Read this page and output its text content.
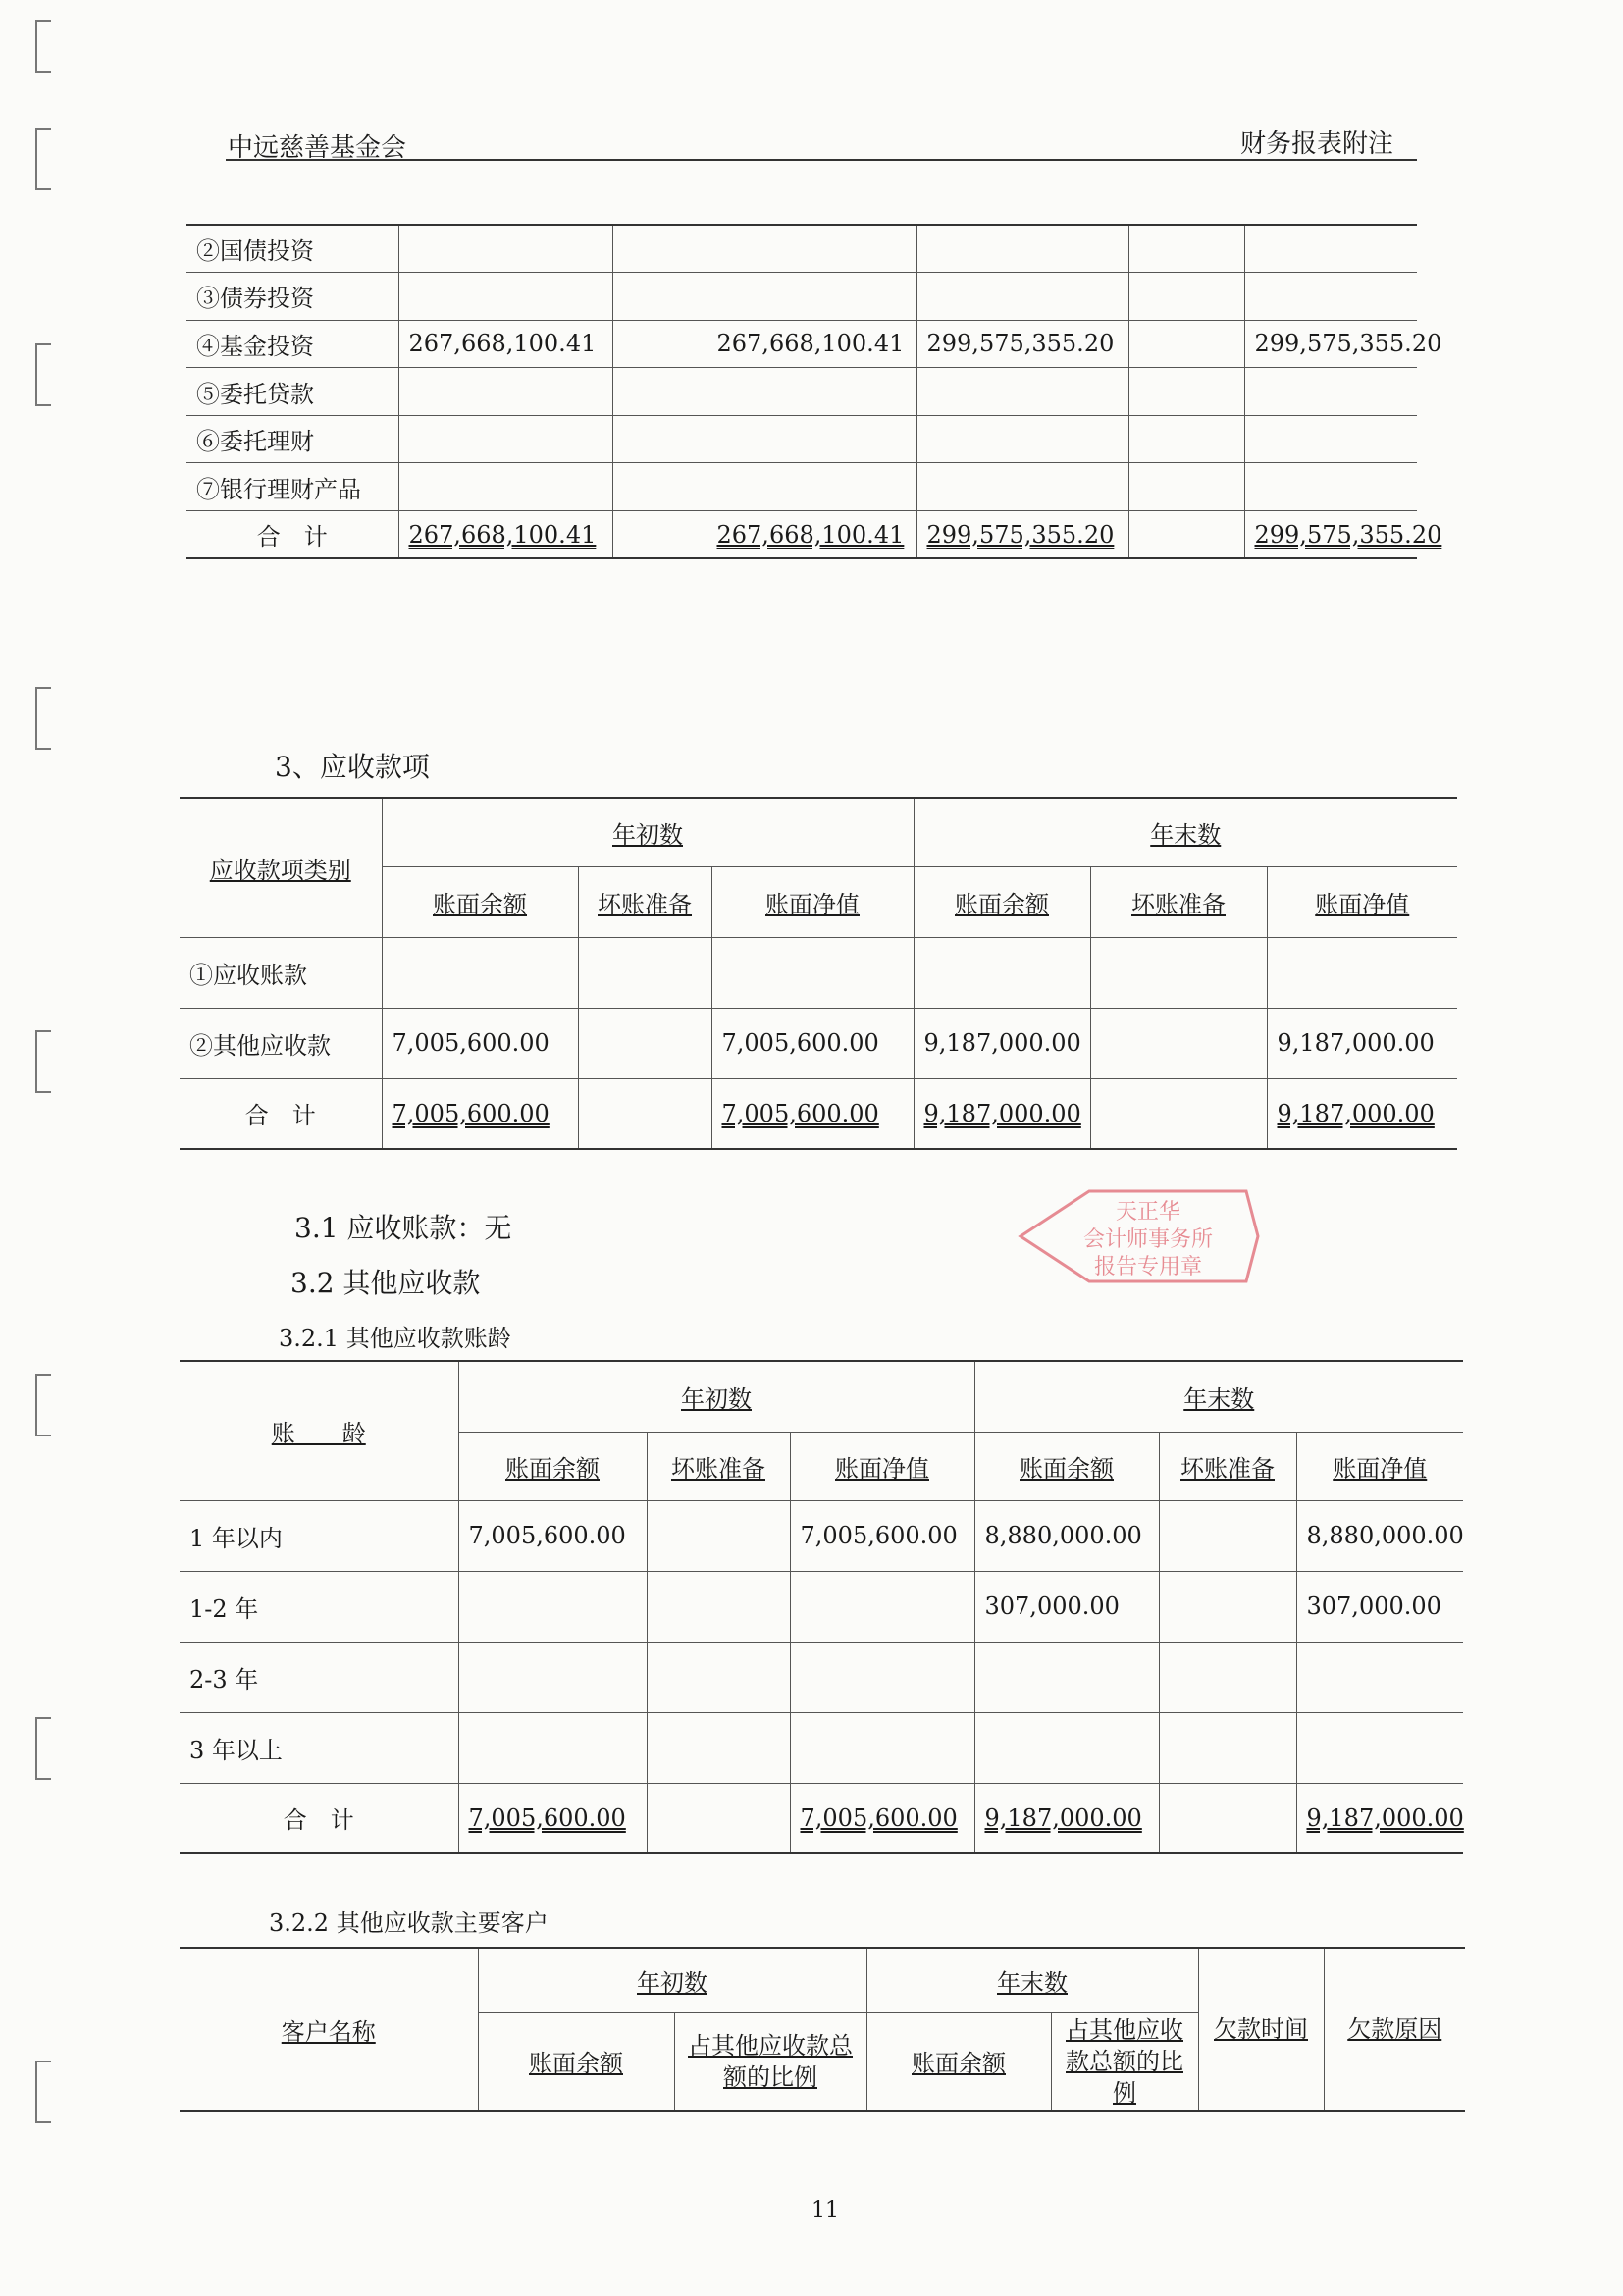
中远慈善基金会	财务报表附注
②国债投资						
③债券投资						
④基金投资	267,668,100.41		267,668,100.41	299,575,355.20		299,575,355.20
⑤委托贷款						
⑥委托理财						
⑦银行理财产品						
合　计	267,668,100.41		267,668,100.41	299,575,355.20		299,575,355.20
3、应收款项
应收款项类别	年初数			年末数		
	账面余额	坏账准备	账面净值	账面余额	坏账准备	账面净值
①应收账款						
②其他应收款	7,005,600.00		7,005,600.00	9,187,000.00		9,187,000.00
合　计	7,005,600.00		7,005,600.00	9,187,000.00		9,187,000.00
3.1 应收账款：无
3.2 其他应收款
3.2.1 其他应收款账龄
天正华
会计师事务所
报告专用章
账　　龄	年初数			年末数		
	账面余额	坏账准备	账面净值	账面余额	坏账准备	账面净值
1 年以内	7,005,600.00		7,005,600.00	8,880,000.00		8,880,000.00
1-2 年				307,000.00		307,000.00
2-3 年						
3 年以上						
合　计	7,005,600.00		7,005,600.00	9,187,000.00		9,187,000.00
3.2.2 其他应收款主要客户
客户名称	年初数		年末数		欠款时间	欠款原因
	账面余额	占其他应收款总额的比例	账面余额	占其他应收款总额的比例		
11
